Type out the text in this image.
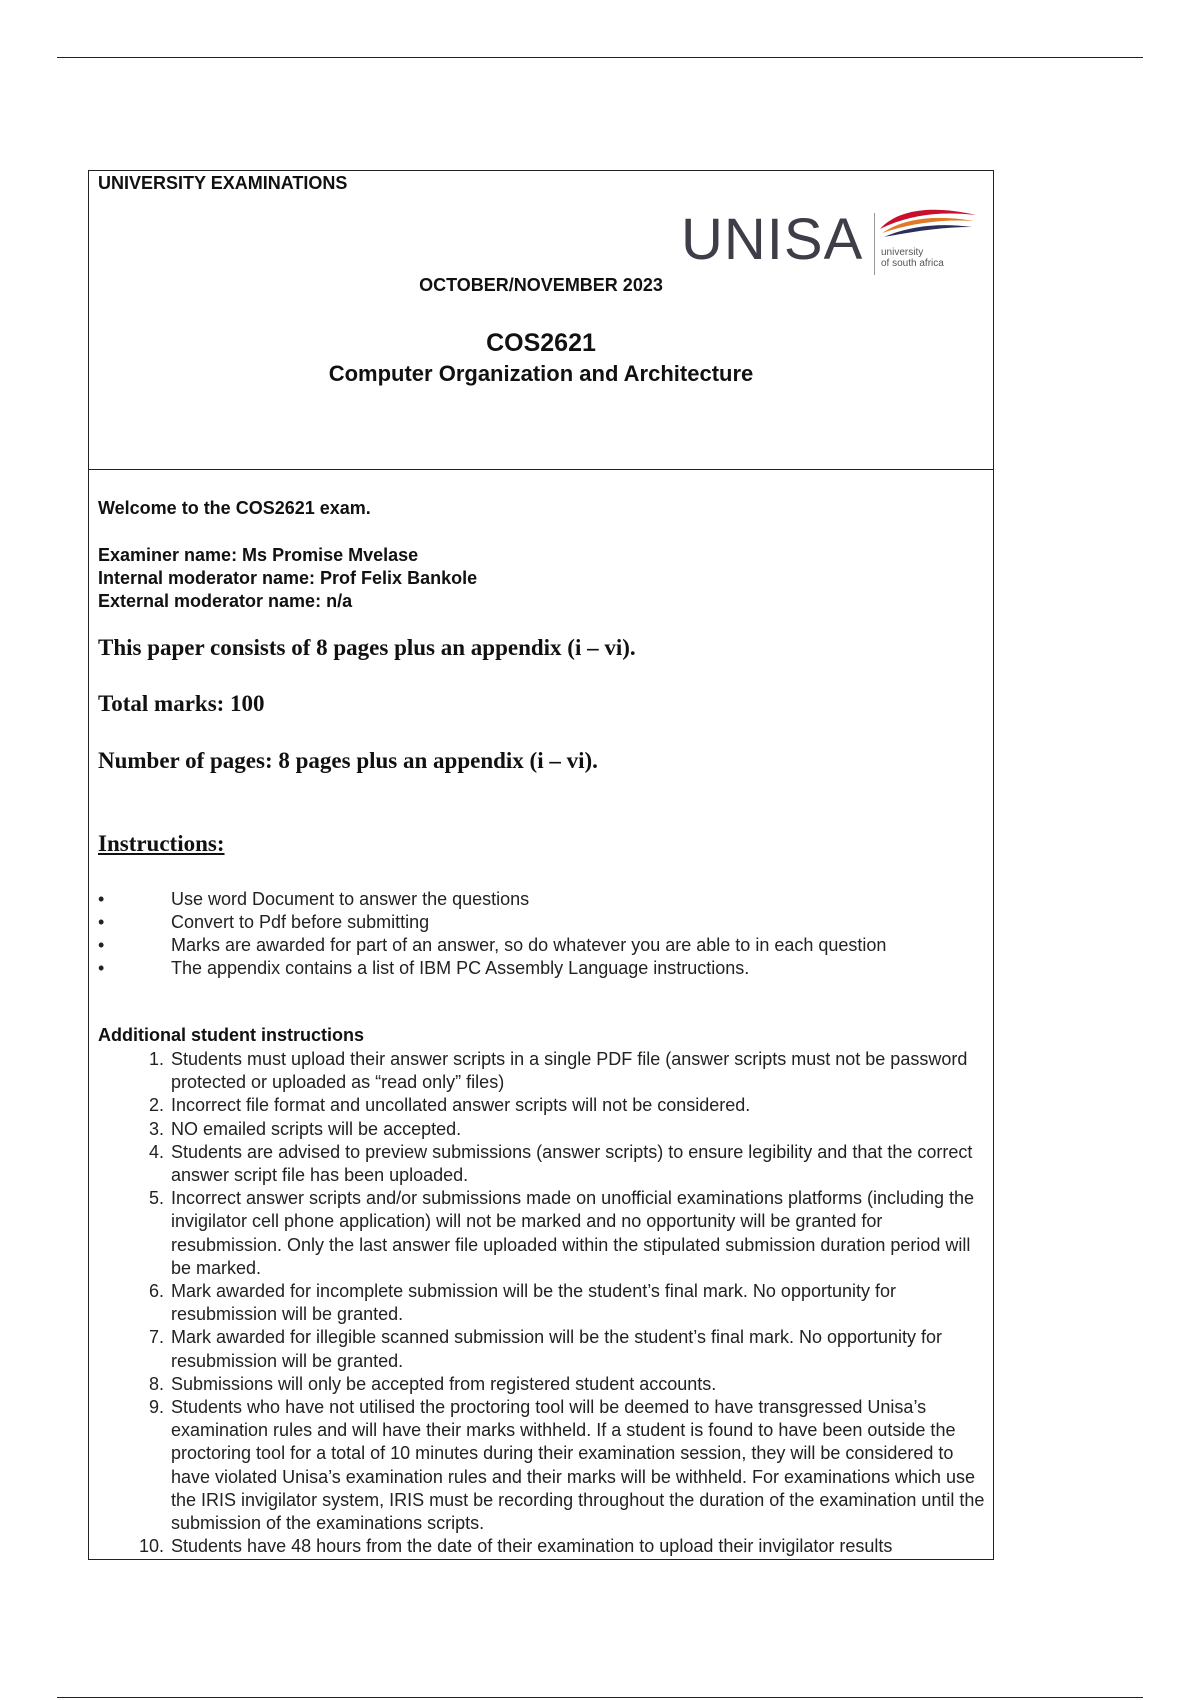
UNIVERSITY EXAMINATIONS
UNISA university
of south africa
OCTOBER/NOVEMBER 2023
COS2621
Computer Organization and Architecture
Welcome to the COS2621 exam.
Examiner name: Ms Promise Mvelase
Internal moderator name: Prof Felix Bankole
External moderator name: n/a
This paper consists of 8 pages plus an appendix (i – vi).
Total marks: 100
Number of pages: 8 pages plus an appendix (i – vi).
Instructions:
•	Use word Document to answer the questions
•	Convert to Pdf before submitting
•	Marks are awarded for part of an answer, so do whatever you are able to in each question
•	The appendix contains a list of IBM PC Assembly Language instructions.
Additional student instructions
1. Students must upload their answer scripts in a single PDF file (answer scripts must not be password protected or uploaded as “read only” files)
2. Incorrect file format and uncollated answer scripts will not be considered.
3. NO emailed scripts will be accepted.
4. Students are advised to preview submissions (answer scripts) to ensure legibility and that the correct answer script file has been uploaded.
5. Incorrect answer scripts and/or submissions made on unofficial examinations platforms (including the invigilator cell phone application) will not be marked and no opportunity will be granted for resubmission. Only the last answer file uploaded within the stipulated submission duration period will be marked.
6. Mark awarded for incomplete submission will be the student’s final mark. No opportunity for resubmission will be granted.
7. Mark awarded for illegible scanned submission will be the student’s final mark. No opportunity for resubmission will be granted.
8. Submissions will only be accepted from registered student accounts.
9. Students who have not utilised the proctoring tool will be deemed to have transgressed Unisa’s examination rules and will have their marks withheld. If a student is found to have been outside the proctoring tool for a total of 10 minutes during their examination session, they will be considered to have violated Unisa’s examination rules and their marks will be withheld. For examinations which use the IRIS invigilator system, IRIS must be recording throughout the duration of the examination until the submission of the examinations scripts.
10. Students have 48 hours from the date of their examination to upload their invigilator results
